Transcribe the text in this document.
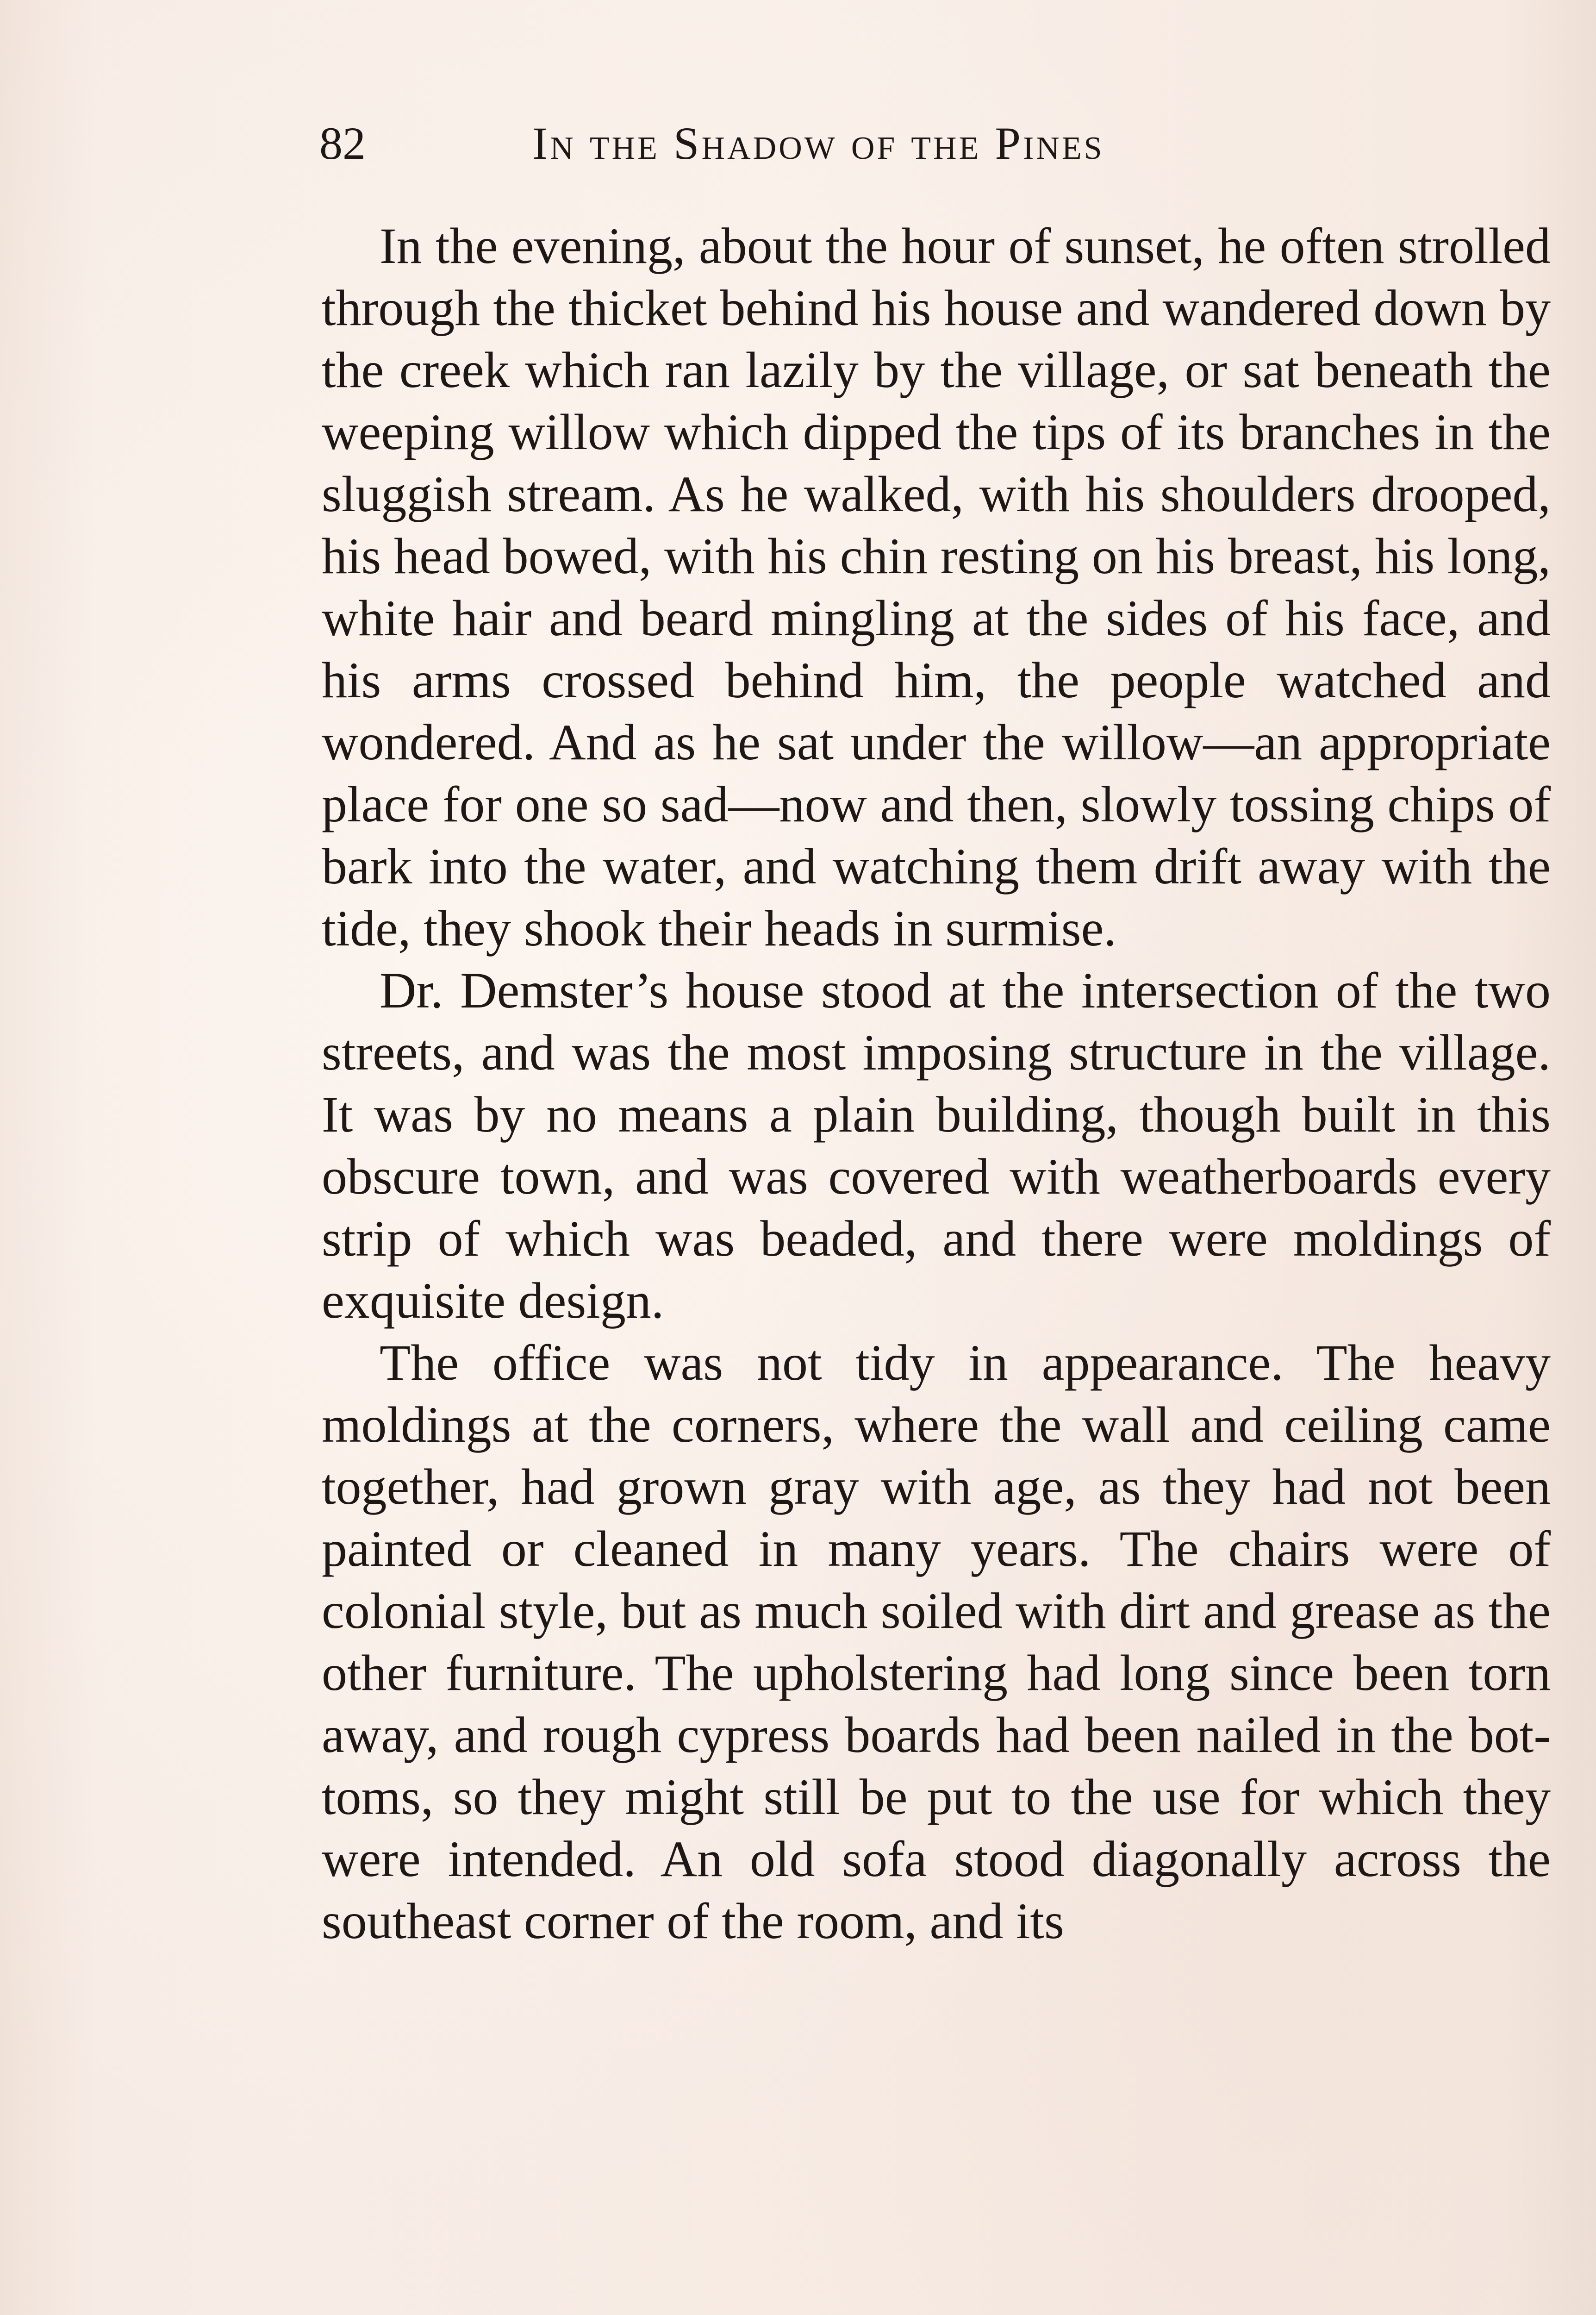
82	In the Shadow of the Pines

In the evening, about the hour of sunset, he often strolled through the thicket behind his house and wandered down by the creek which ran lazily by the village, or sat beneath the weeping willow which dipped the tips of its branches in the sluggish stream. As he walked, with his shoulders drooped, his head bowed, with his chin resting on his breast, his long, white hair and beard mingling at the sides of his face, and his arms crossed behind him, the people watched and wondered. And as he sat under the willow—an appropriate place for one so sad—now and then, slowly tossing chips of bark into the water, and watching them drift away with the tide, they shook their heads in surmise.

Dr. Demster’s house stood at the intersection of the two streets, and was the most imposing structure in the village. It was by no means a plain building, though built in this obscure town, and was covered with weatherboards every strip of which was beaded, and there were moldings of exquisite design.

The office was not tidy in appearance. The heavy moldings at the corners, where the wall and ceiling came together, had grown gray with age, as they had not been painted or cleaned in many years. The chairs were of colonial style, but as much soiled with dirt and grease as the other furniture. The upholstering had long since been torn away, and rough cypress boards had been nailed in the bottoms, so they might still be put to the use for which they were intended. An old sofa stood diagonally across the southeast corner of the room, and its
